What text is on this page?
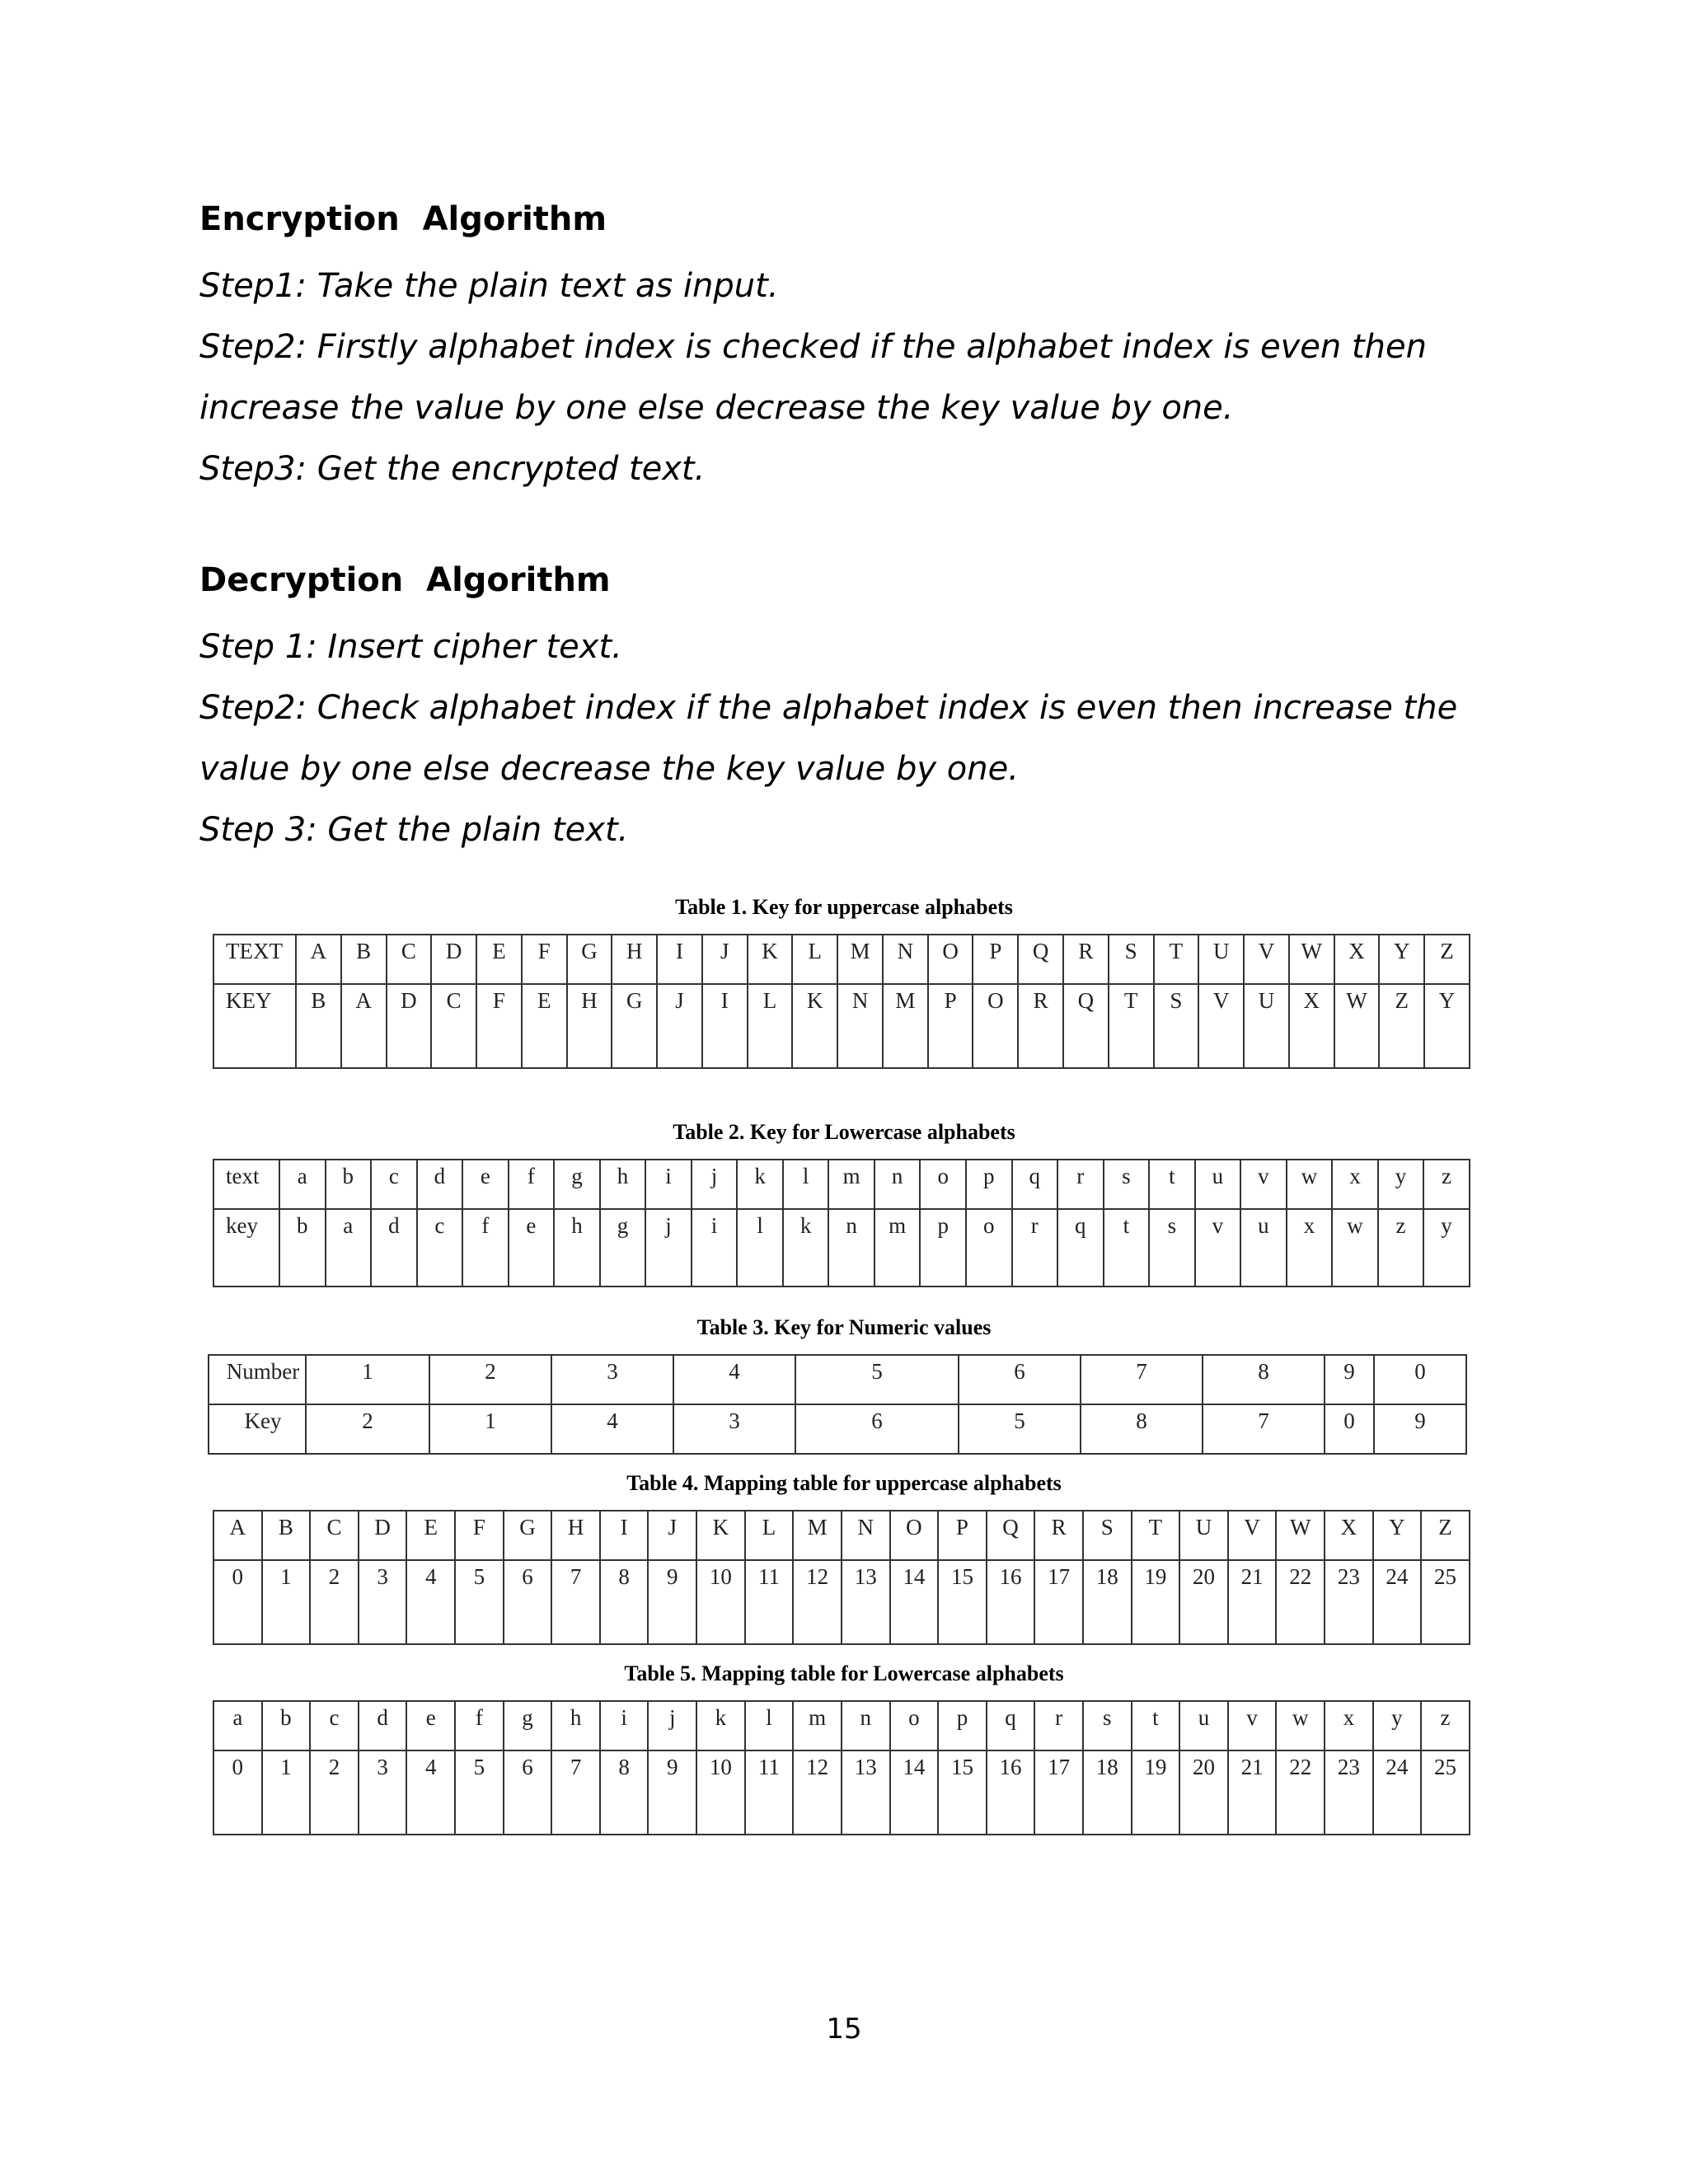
Encryption  Algorithm

Step1: Take the plain text as input.

Step2: Firstly alphabet index is checked if the alphabet index is even then increase the value by one else decrease the key value by one.

Step3: Get the encrypted text.

Decryption  Algorithm

Step 1: Insert cipher text.

Step2: Check alphabet index if the alphabet index is even then increase the value by one else decrease the key value by one.

Step 3: Get the plain text.

Table 1. Key for uppercase alphabets
TEXT	A	B	C	D	E	F	G	H	I	J	K	L	M	N	O	P	Q	R	S	T	U	V	W	X	Y	Z
KEY	B	A	D	C	F	E	H	G	J	I	L	K	N	M	P	O	R	Q	T	S	V	U	X	W	Z	Y
Table 2. Key for Lowercase alphabets
text	a	b	c	d	e	f	g	h	i	j	k	l	m	n	o	p	q	r	s	t	u	v	w	x	y	z
key	b	a	d	c	f	e	h	g	j	i	l	k	n	m	p	o	r	q	t	s	v	u	x	w	z	y
Table 3. Key for Numeric values
Number	1	2	3	4	5	6	7	8	9	0
Key	2	1	4	3	6	5	8	7	0	9
Table 4. Mapping table for uppercase alphabets
A	B	C	D	E	F	G	H	I	J	K	L	M	N	O	P	Q	R	S	T	U	V	W	X	Y	Z
0	1	2	3	4	5	6	7	8	9	10	11	12	13	14	15	16	17	18	19	20	21	22	23	24	25
Table 5. Mapping table for Lowercase alphabets
a	b	c	d	e	f	g	h	i	j	k	l	m	n	o	p	q	r	s	t	u	v	w	x	y	z
0	1	2	3	4	5	6	7	8	9	10	11	12	13	14	15	16	17	18	19	20	21	22	23	24	25
15
